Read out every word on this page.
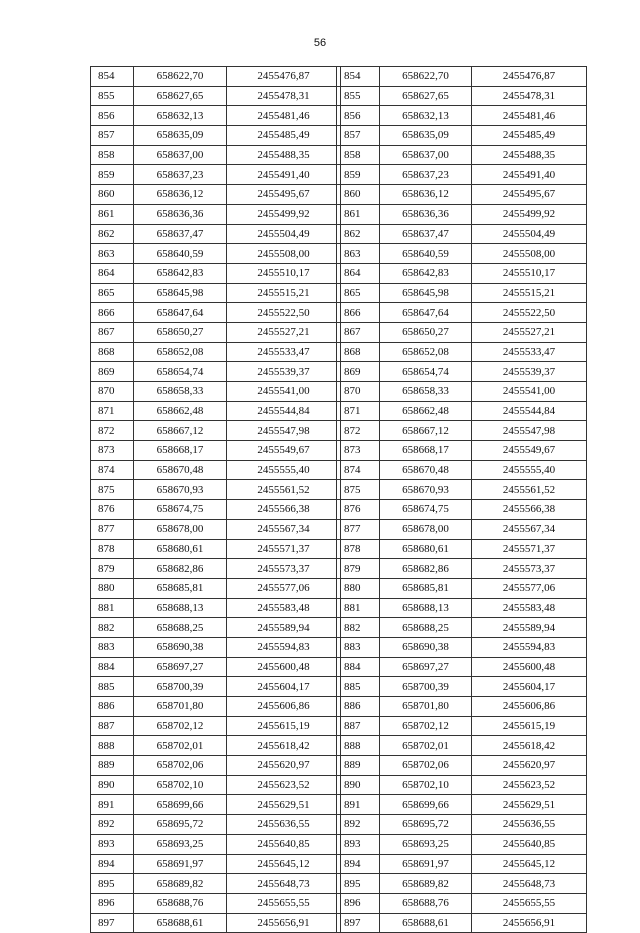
56
854	658622,70	2455476,87
855	658627,65	2455478,31
856	658632,13	2455481,46
857	658635,09	2455485,49
858	658637,00	2455488,35
859	658637,23	2455491,40
860	658636,12	2455495,67
861	658636,36	2455499,92
862	658637,47	2455504,49
863	658640,59	2455508,00
864	658642,83	2455510,17
865	658645,98	2455515,21
866	658647,64	2455522,50
867	658650,27	2455527,21
868	658652,08	2455533,47
869	658654,74	2455539,37
870	658658,33	2455541,00
871	658662,48	2455544,84
872	658667,12	2455547,98
873	658668,17	2455549,67
874	658670,48	2455555,40
875	658670,93	2455561,52
876	658674,75	2455566,38
877	658678,00	2455567,34
878	658680,61	2455571,37
879	658682,86	2455573,37
880	658685,81	2455577,06
881	658688,13	2455583,48
882	658688,25	2455589,94
883	658690,38	2455594,83
884	658697,27	2455600,48
885	658700,39	2455604,17
886	658701,80	2455606,86
887	658702,12	2455615,19
888	658702,01	2455618,42
889	658702,06	2455620,97
890	658702,10	2455623,52
891	658699,66	2455629,51
892	658695,72	2455636,55
893	658693,25	2455640,85
894	658691,97	2455645,12
895	658689,82	2455648,73
896	658688,76	2455655,55
897	658688,61	2455656,91
854	658622,70	2455476,87
855	658627,65	2455478,31
856	658632,13	2455481,46
857	658635,09	2455485,49
858	658637,00	2455488,35
859	658637,23	2455491,40
860	658636,12	2455495,67
861	658636,36	2455499,92
862	658637,47	2455504,49
863	658640,59	2455508,00
864	658642,83	2455510,17
865	658645,98	2455515,21
866	658647,64	2455522,50
867	658650,27	2455527,21
868	658652,08	2455533,47
869	658654,74	2455539,37
870	658658,33	2455541,00
871	658662,48	2455544,84
872	658667,12	2455547,98
873	658668,17	2455549,67
874	658670,48	2455555,40
875	658670,93	2455561,52
876	658674,75	2455566,38
877	658678,00	2455567,34
878	658680,61	2455571,37
879	658682,86	2455573,37
880	658685,81	2455577,06
881	658688,13	2455583,48
882	658688,25	2455589,94
883	658690,38	2455594,83
884	658697,27	2455600,48
885	658700,39	2455604,17
886	658701,80	2455606,86
887	658702,12	2455615,19
888	658702,01	2455618,42
889	658702,06	2455620,97
890	658702,10	2455623,52
891	658699,66	2455629,51
892	658695,72	2455636,55
893	658693,25	2455640,85
894	658691,97	2455645,12
895	658689,82	2455648,73
896	658688,76	2455655,55
897	658688,61	2455656,91
